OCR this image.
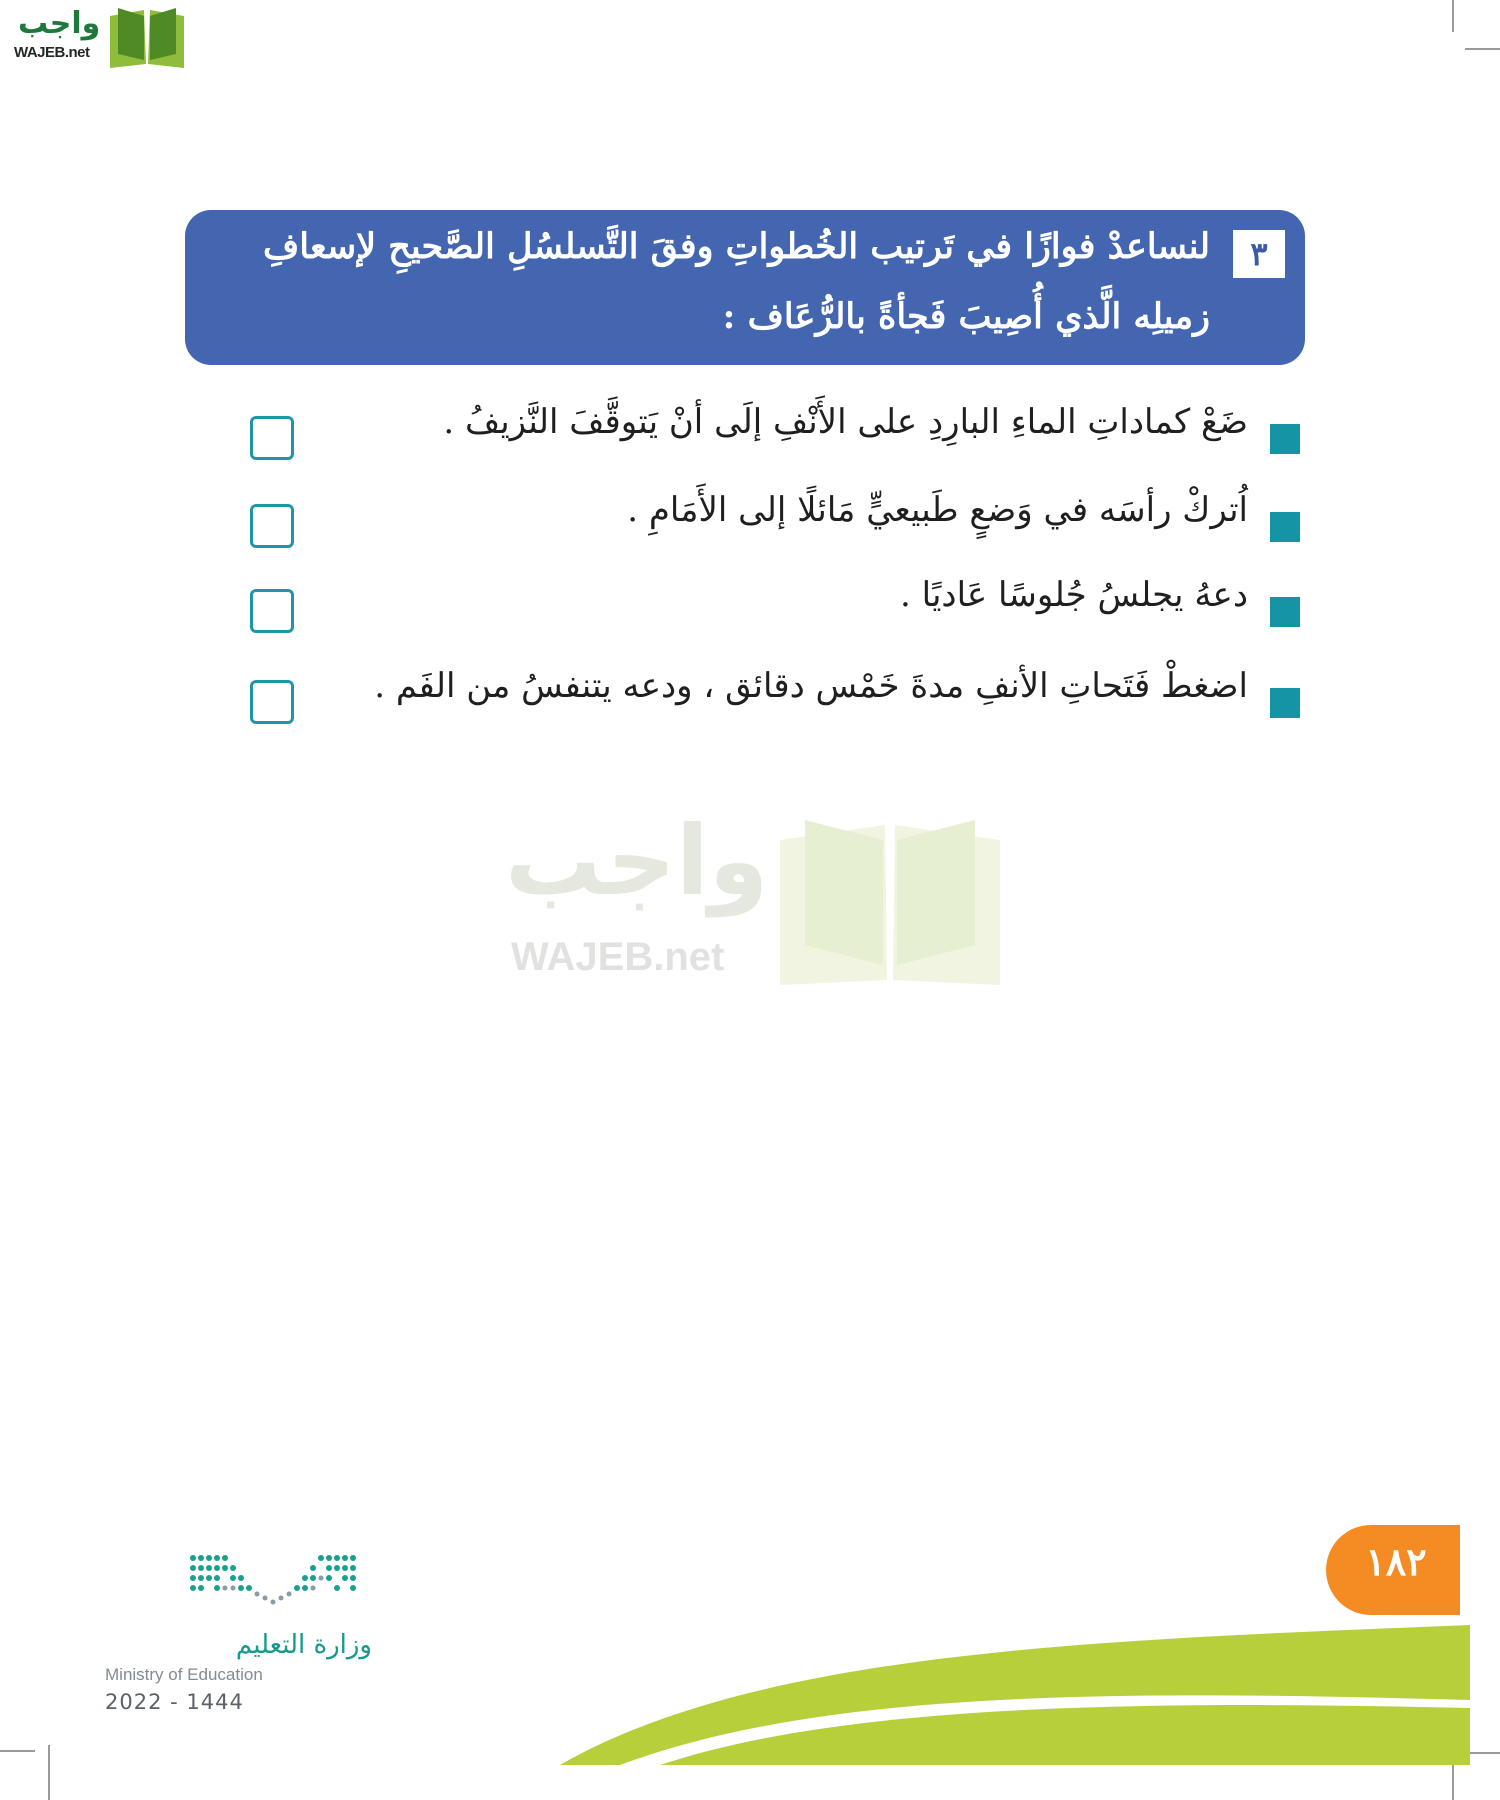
واجب
WAJEB.net
٣
لنساعدْ فوازًا في تَرتيب الخُطواتِ وفقَ التَّسلسُلِ الصَّحيحِ لإسعافِ
زميلِه الَّذي أُصِيبَ فَجأةً بالرُّعَاف :
ضَعْ كماداتِ الماءِ البارِدِ على الأَنْفِ إلَى أنْ يَتوقَّفَ النَّزيفُ .
اُتركْ رأسَه في وَضعٍ طَبيعيٍّ مَائلًا إلى الأَمَامِ .
دعهُ يجلسُ جُلوسًا عَاديًا .
اضغطْ فَتَحاتِ الأنفِ مدةَ خَمْس دقائق ، ودعه يتنفسُ من الفَم .
واجب
WAJEB.net
وزارة التعليم
Ministry of Education
2022 - 1444
١٨٢
